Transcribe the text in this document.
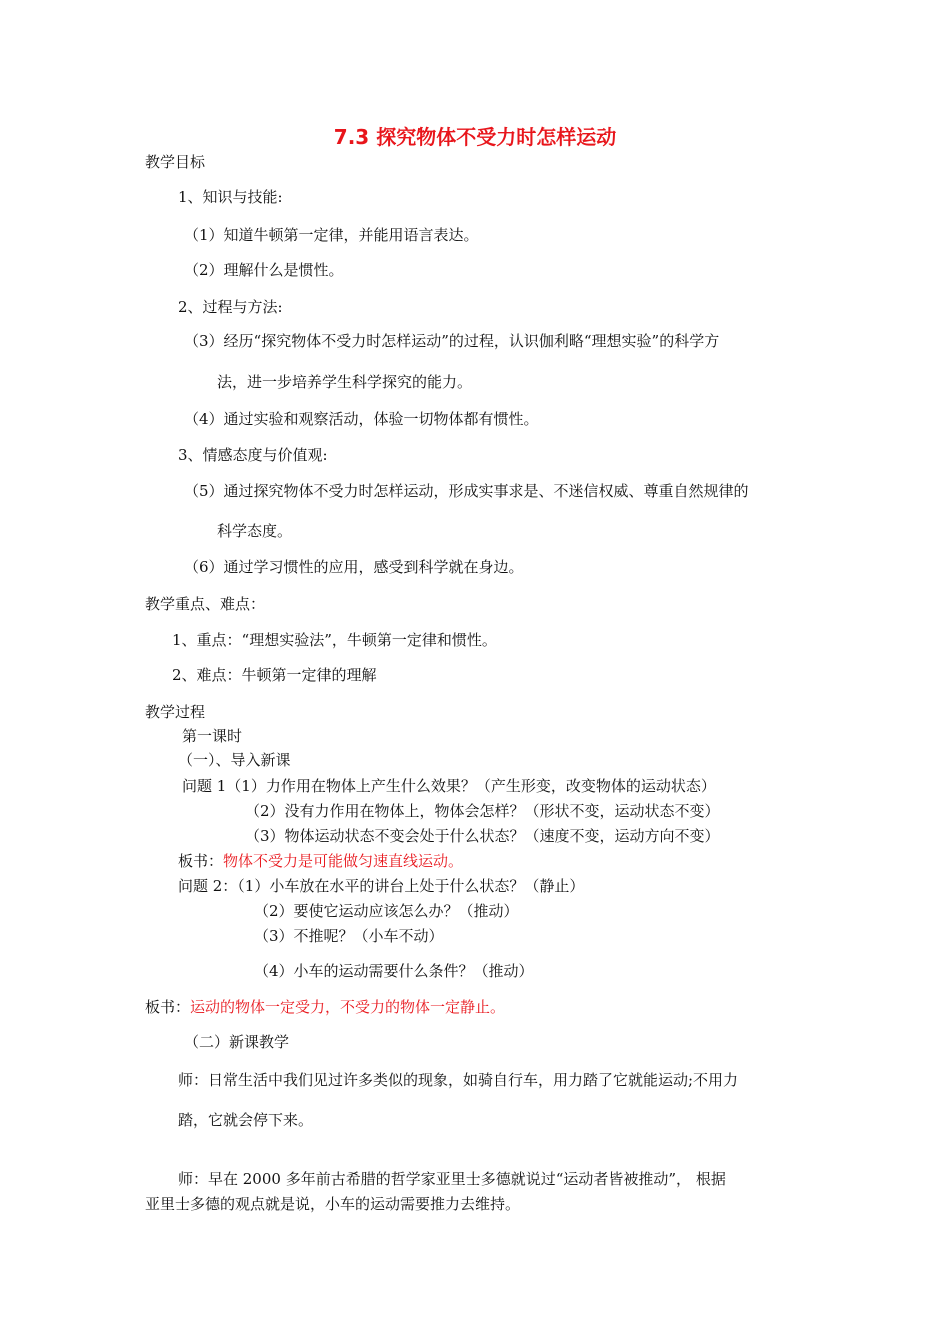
7.3 探究物体不受力时怎样运动
教学目标
1、知识与技能:
（1）知道牛顿第一定律，并能用语言表达。
（2）理解什么是惯性。
2、过程与方法:
（3）经历“探究物体不受力时怎样运动”的过程，认识伽利略“理想实验”的科学方
法，进一步培养学生科学探究的能力。
（4）通过实验和观察活动，体验一切物体都有惯性。
3、情感态度与价值观:
（5）通过探究物体不受力时怎样运动，形成实事求是、不迷信权威、尊重自然规律的
科学态度。
（6）通过学习惯性的应用，感受到科学就在身边。
教学重点、难点：
1、重点：“理想实验法”，牛顿第一定律和惯性。
2、难点：牛顿第一定律的理解
教学过程
第一课时
（一）、导入新课
问题 1（1）力作用在物体上产生什么效果？（产生形变，改变物体的运动状态）
（2）没有力作用在物体上，物体会怎样？（形状不变，运动状态不变）
（3）物体运动状态不变会处于什么状态？（速度不变，运动方向不变）
板书：物体不受力是可能做匀速直线运动。
问题 2：（1）小车放在水平的讲台上处于什么状态？（静止）
（2）要使它运动应该怎么办？（推动）
（3）不推呢？（小车不动）
（4）小车的运动需要什么条件？（推动）
板书：运动的物体一定受力，不受力的物体一定静止。
（二）新课教学
师：日常生活中我们见过许多类似的现象，如骑自行车，用力踏了它就能运动;不用力
踏，它就会停下来。
师：早在 2000 多年前古希腊的哲学家亚里士多德就说过“运动者皆被推动”， 根据
亚里士多德的观点就是说，小车的运动需要推力去维持。
